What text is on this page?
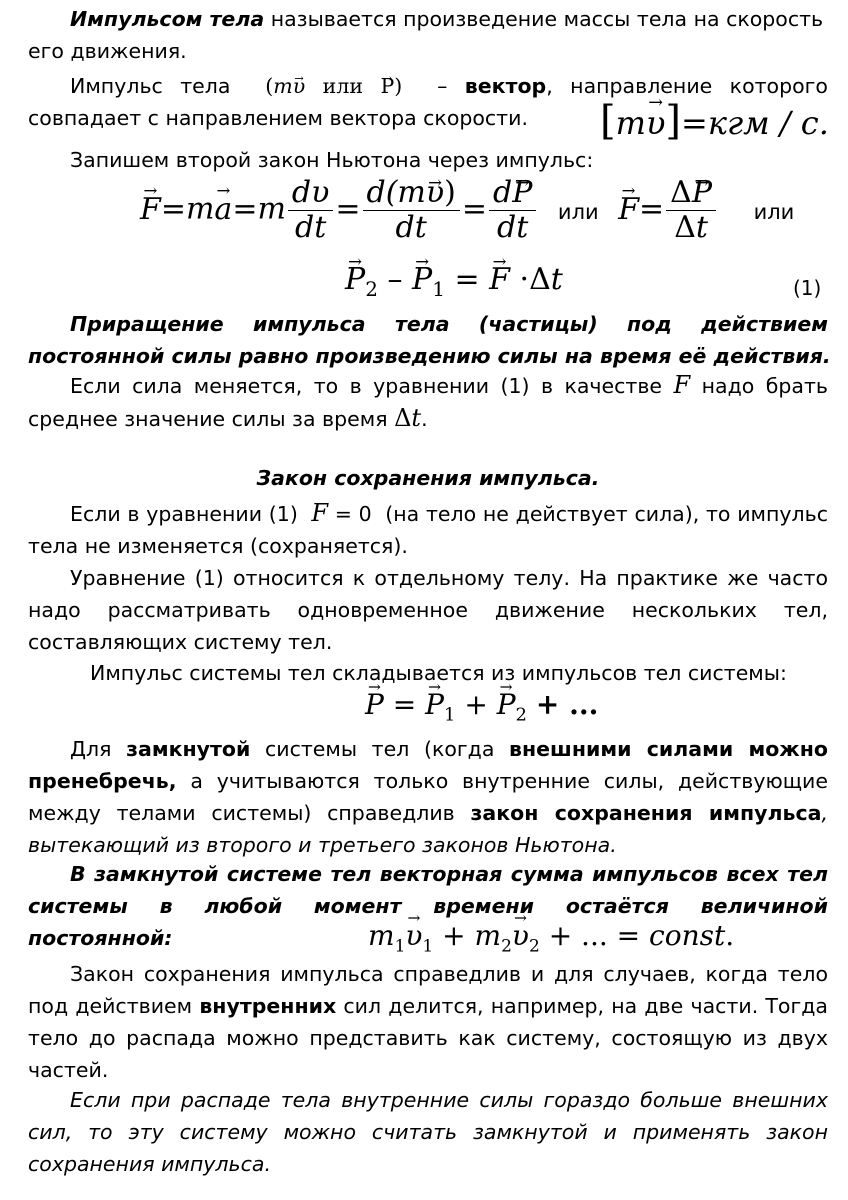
Импульсом тела называется произведение массы тела на скорость
его движения.
Импульс тела (m→ υ или → P) – вектор, направление которого
совпадает с направлением вектора скорости.	[m→ υ]=кгм / с.
Запишем второй закон Ньютона через импульс:
→ $F=m\to a=m \frac{d\upsilon}{dt} = \frac{d(m\to \upsilon)}{dt} = \frac{d\to P}{dt}$ или → $F= \frac{\Delta\to P}{\Delta t}$ или
→ $P_2$ – → $P_1$ = → F ·Δt	(1)
Приращение импульса тела (частицы) под действием
постоянной силы равно произведению силы на время её действия.
Если сила меняется, то в уравнении (1) в качестве F надо брать
среднее значение силы за время Δt.
Закон сохранения импульса.
Если в уравнении (1) F = 0 (на тело не действует сила), то импульс
тела не изменяется (сохраняется).
Уравнение (1) относится к отдельному телу. На практике же часто
надо рассматривать одновременное движение нескольких тел,
составляющих систему тел.
Импульс системы тел складывается из импульсов тел системы:
→ P = → $P_1$ + → $P_2$ + ...
Для замкнутой системы тел (когда внешними силами можно
пренебречь, а учитываются только внутренние силы, действующие
между телами системы) справедлив закон сохранения импульса,
вытекающий из второго и третьего законов Ньютона.
В замкнутой системе тел векторная сумма импульсов всех тел
системы в любой момент времени остаётся величиной
постоянной:	$m_1\to \upsilon_1 + m_2\to \upsilon_2$ + ... = const.
Закон сохранения импульса справедлив и для случаев, когда тело
под действием внутренних сил делится, например, на две части. Тогда
тело до распада можно представить как систему, состоящую из двух
частей.
Если при распаде тела внутренние силы гораздо больше внешних
сил, то эту систему можно считать замкнутой и применять закон
сохранения импульса.
